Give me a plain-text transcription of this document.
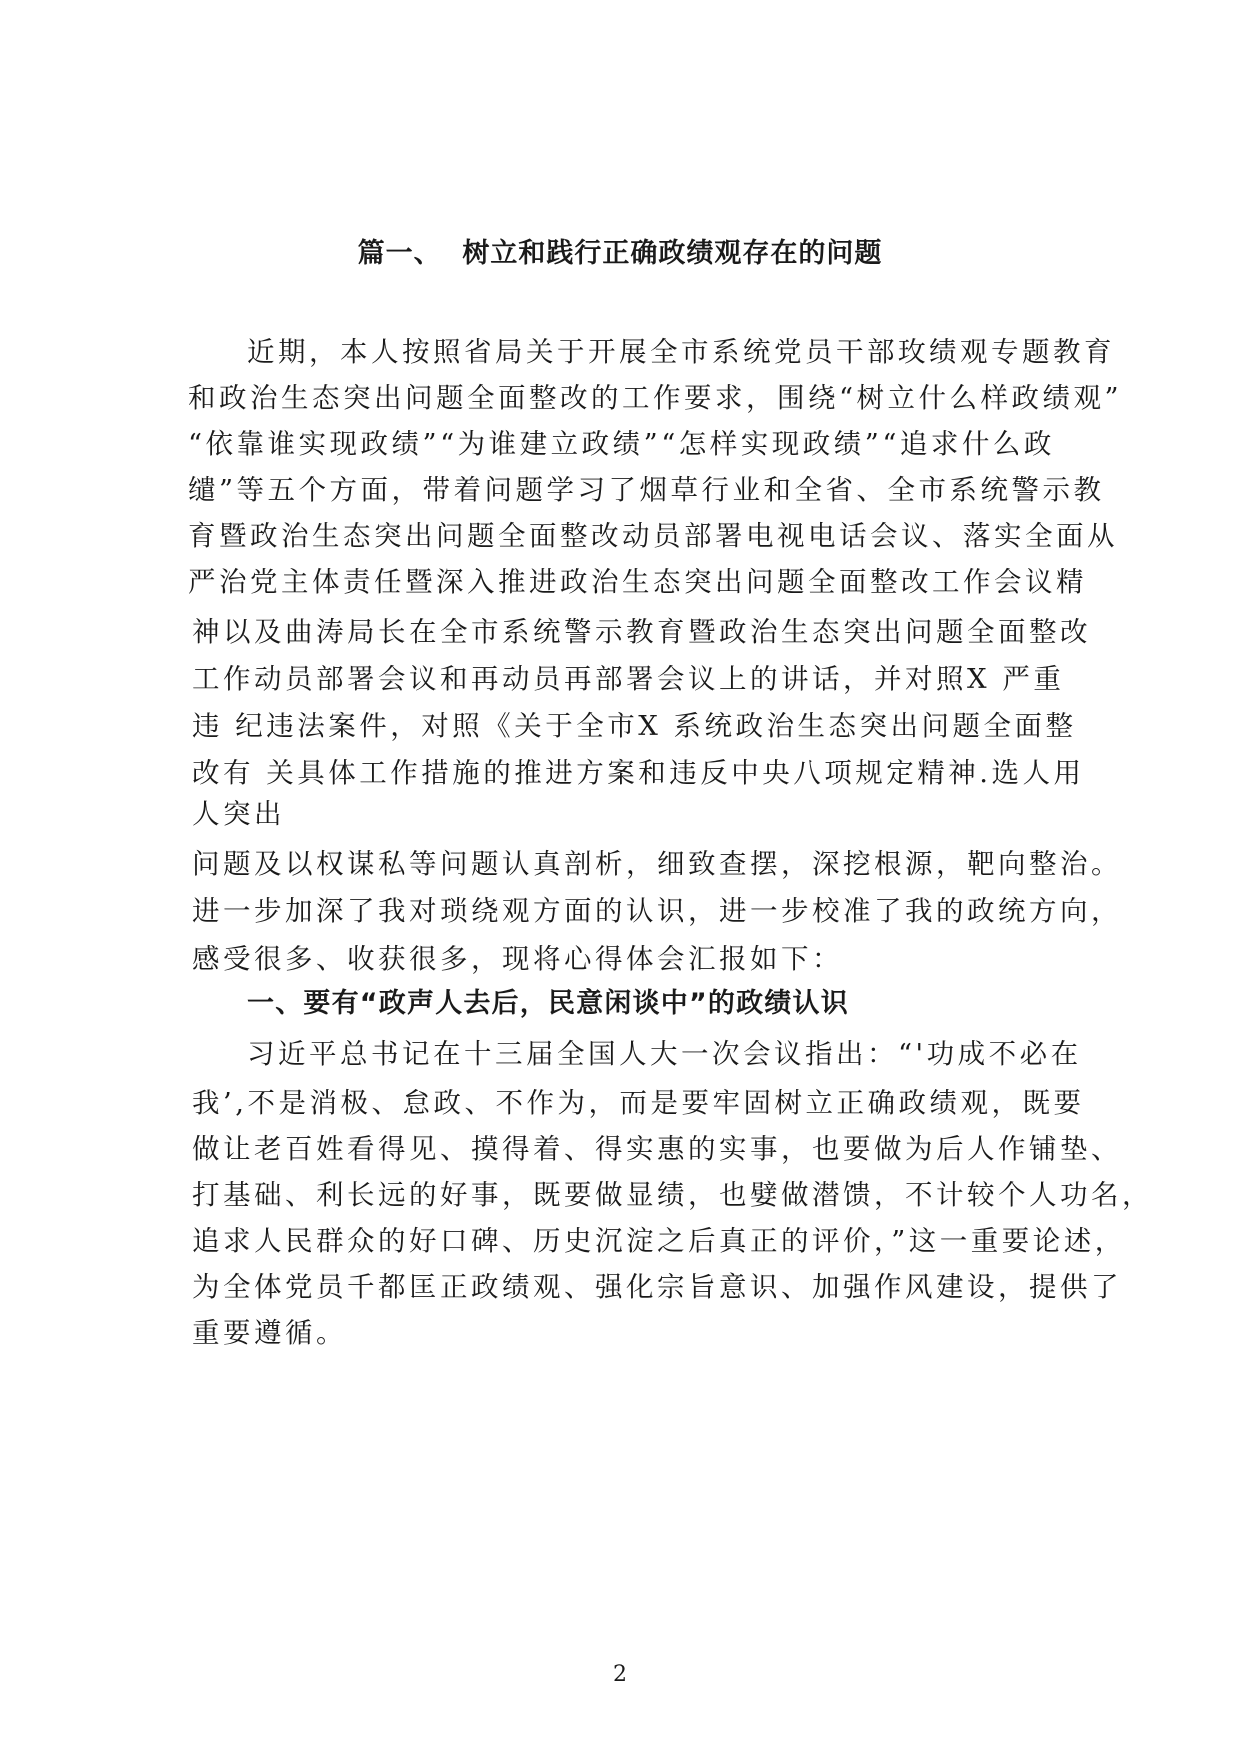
篇一、  树立和践行正确政绩观存在的问题
近期，本人按照省局关于开展全市系统党员干部玫绩观专题教育
和政治生态突出问题全面整改的工作要求，围绕“树立什么样政绩观”
“依靠谁实现政绩”“为谁建立政绩”“怎样实现政绩”“追求什么政
缱”等五个方面，带着问题学习了烟草行业和全省、全市系统警示教
育暨政治生态突出问题全面整改动员部署电视电话会议、落实全面从
严治党主体责任暨深入推进政治生态突出问题全面整改工作会议精
神以及曲涛局长在全市系统警示教育暨政治生态突出问题全面整改
工作动员部署会议和再动员再部署会议上的讲话，并对照X 严重
违 纪违法案件，对照《关于全市X 系统政治生态突出问题全面整
改有 关具体工作措施的推进方案和违反中央八项规定精神.选人用
人突出
问题及以权谋私等问题认真剖析，细致查摆，深挖根源，靶向整治。
进一步加深了我对琐绕观方面的认识，进一步校准了我的政统方向，
感受很多、收获很多，现将心得体会汇报如下：
一、要有“政声人去后，民意闲谈中”的政绩认识
习近平总书记在十三届全国人大一次会议指出：“'功成不必在
我’,不是消极、怠政、不作为，而是要牢固树立正确政绩观，既要
做让老百姓看得见、摸得着、得实惠的实事，也要做为后人作铺垫、
打基础、利长远的好事，既要做显绩，也嬖做潜馈，不计较个人功名，
追求人民群众的好口碑、历史沉淀之后真正的评价，”这一重要论述，
为全体党员千都匡正政绩观、强化宗旨意识、加强作风建设，提供了
重要遵循。
2
